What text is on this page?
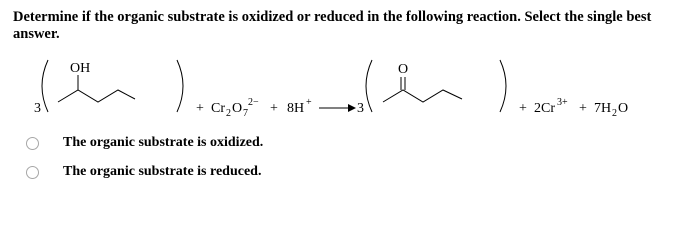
Determine if the organic substrate is oxidized or reduced in the following reaction. Select the single best answer.
3
OH
+ Cr 2 O 7
2− + 8H +	3
O
+ 2Cr 3+ + 7H 2 O
The organic substrate is oxidized.
The organic substrate is reduced.
